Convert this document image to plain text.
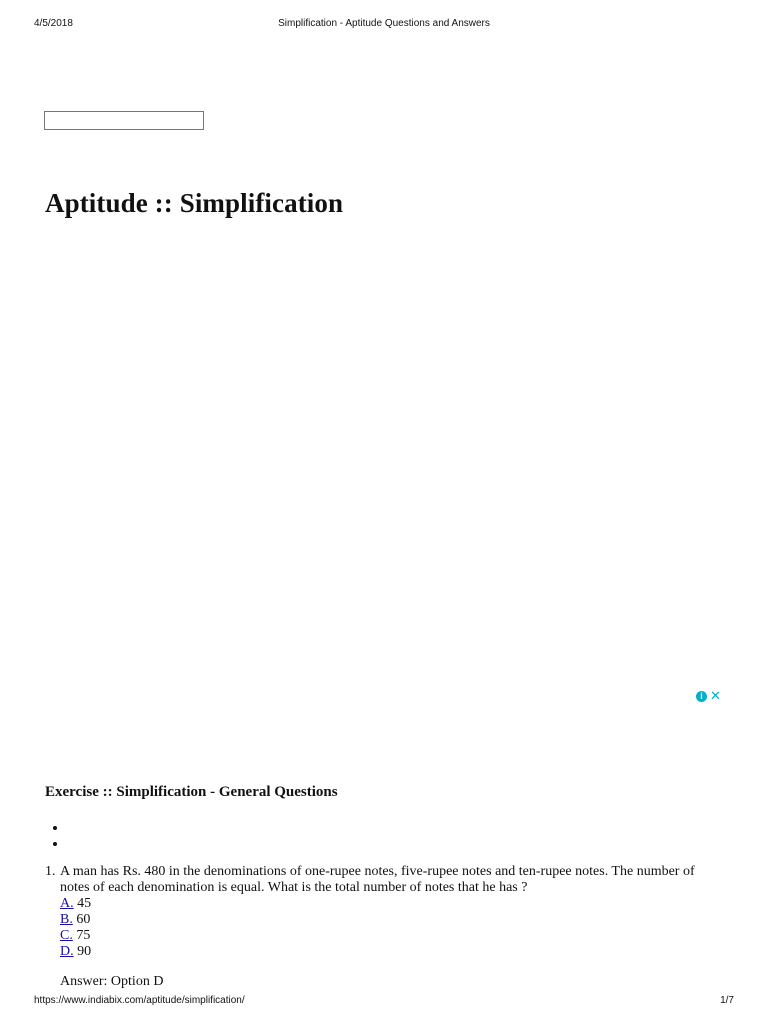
4/5/2018	Simplification - Aptitude Questions and Answers
Aptitude :: Simplification
i ✕
Exercise :: Simplification - General Questions
1. A man has Rs. 480 in the denominations of one-rupee notes, five-rupee notes and ten-rupee notes. The number of notes of each denomination is equal. What is the total number of notes that he has ?
A. 45
B. 60
C. 75
D. 90
Answer: Option D
https://www.indiabix.com/aptitude/simplification/	1/7
